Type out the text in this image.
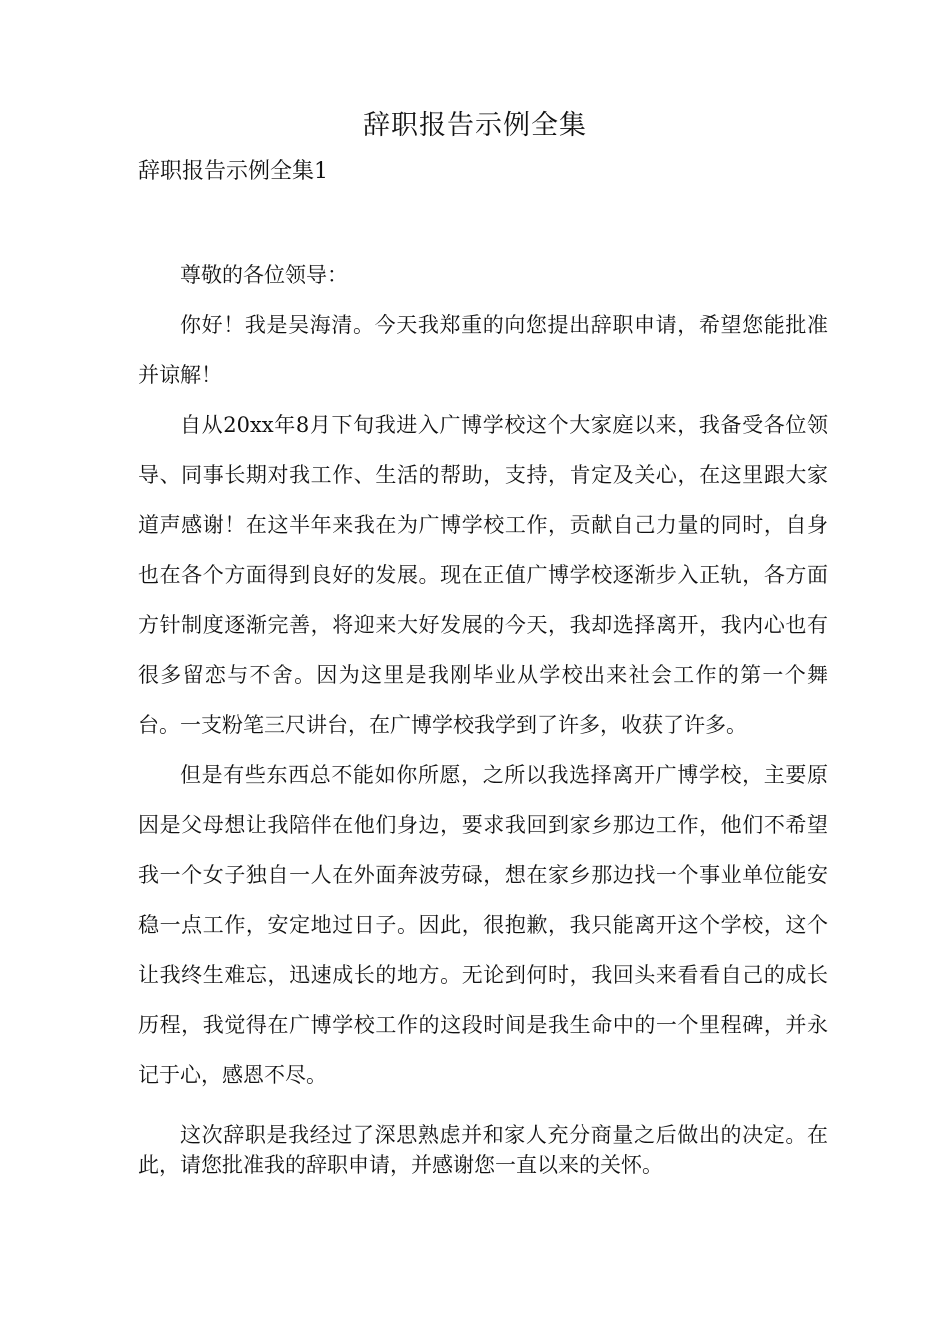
辞职报告示例全集
辞职报告示例全集1

尊敬的各位领导：

你好！我是吴海清。今天我郑重的向您提出辞职申请，希望您能批准并谅解！

自从20xx年8月下旬我进入广博学校这个大家庭以来，我备受各位领导、同事长期对我工作、生活的帮助，支持，肯定及关心，在这里跟大家道声感谢！在这半年来我在为广博学校工作，贡献自己力量的同时，自身也在各个方面得到良好的发展。现在正值广博学校逐渐步入正轨，各方面方针制度逐渐完善，将迎来大好发展的今天，我却选择离开，我内心也有很多留恋与不舍。因为这里是我刚毕业从学校出来社会工作的第一个舞台。一支粉笔三尺讲台，在广博学校我学到了许多，收获了许多。

但是有些东西总不能如你所愿，之所以我选择离开广博学校，主要原因是父母想让我陪伴在他们身边，要求我回到家乡那边工作，他们不希望我一个女子独自一人在外面奔波劳碌，想在家乡那边找一个事业单位能安稳一点工作，安定地过日子。因此，很抱歉，我只能离开这个学校，这个让我终生难忘，迅速成长的地方。无论到何时，我回头来看看自己的成长历程，我觉得在广博学校工作的这段时间是我生命中的一个里程碑，并永记于心，感恩不尽。

这次辞职是我经过了深思熟虑并和家人充分商量之后做出的决定。在此，请您批准我的辞职申请，并感谢您一直以来的关怀。
